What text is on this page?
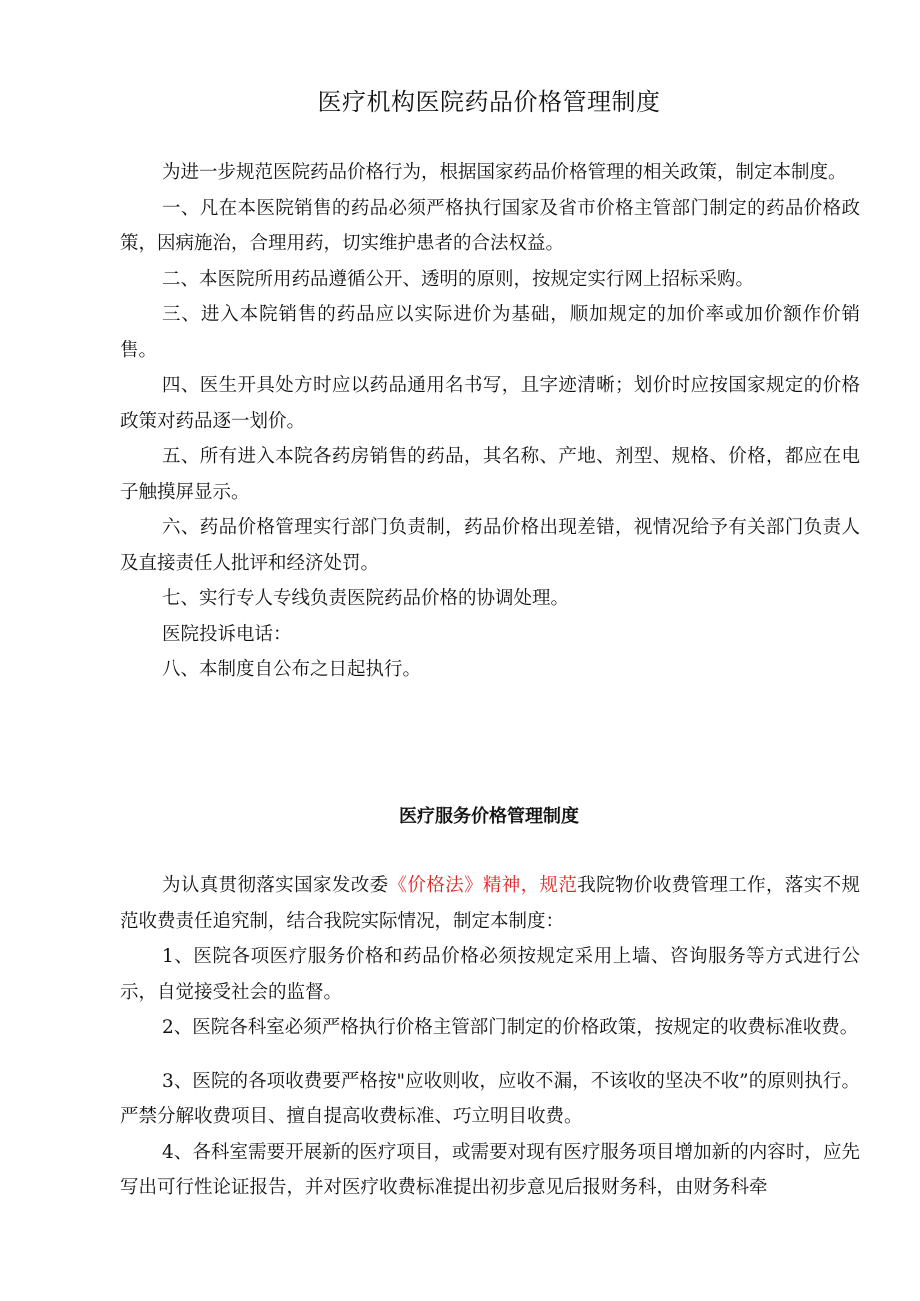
医疗机构医院药品价格管理制度

为进一步规范医院药品价格行为，根据国家药品价格管理的相关政策，制定本制度。

一、凡在本医院销售的药品必须严格执行国家及省市价格主管部门制定的药品价格政策，因病施治，合理用药，切实维护患者的合法权益。

二、本医院所用药品遵循公开、透明的原则，按规定实行网上招标采购。

三、进入本院销售的药品应以实际进价为基础，顺加规定的加价率或加价额作价销售。

四、医生开具处方时应以药品通用名书写，且字迹清晰；划价时应按国家规定的价格政策对药品逐一划价。

五、所有进入本院各药房销售的药品，其名称、产地、剂型、规格、价格，都应在电子触摸屏显示。

六、药品价格管理实行部门负责制，药品价格出现差错，视情况给予有关部门负责人及直接责任人批评和经济处罚。

七、实行专人专线负责医院药品价格的协调处理。

医院投诉电话：

八、本制度自公布之日起执行。

医疗服务价格管理制度

为认真贯彻落实国家发改委《价格法》精神，规范我院物价收费管理工作，落实不规范收费责任追究制，结合我院实际情况，制定本制度：

1、医院各项医疗服务价格和药品价格必须按规定采用上墙、咨询服务等方式进行公示，自觉接受社会的监督。

2、医院各科室必须严格执行价格主管部门制定的价格政策，按规定的收费标准收费。

3、医院的各项收费要严格按"应收则收，应收不漏，不该收的坚决不收”的原则执行。严禁分解收费项目、擅自提高收费标准、巧立明目收费。

4、各科室需要开展新的医疗项目，或需要对现有医疗服务项目增加新的内容时，应先写出可行性论证报告，并对医疗收费标准提出初步意见后报财务科，由财务科牵
